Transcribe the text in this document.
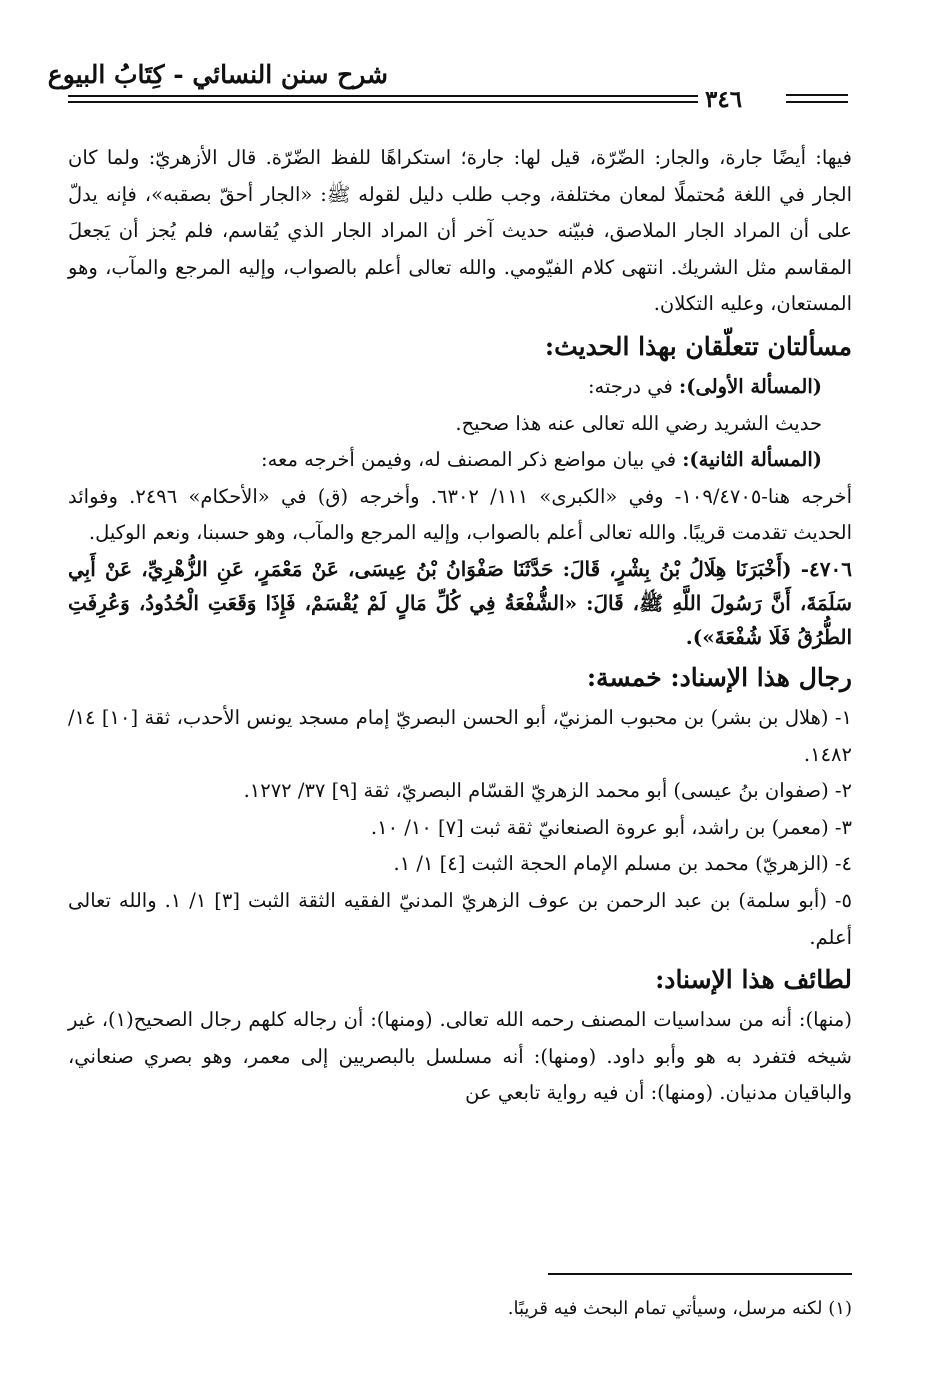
شرح سنن النسائي - كِتَابُ البيوع
٣٤٦

فيها: أيضًا جارة، والجار: الضّرّة، قيل لها: جارة؛ استكراهًا للفظ الضّرّة. قال الأزهريّ: ولما كان الجار في اللغة مُحتملًا لمعان مختلفة، وجب طلب دليل لقوله ﷺ: «الجار أحقّ بصقبه»، فإنه يدلّ على أن المراد الجار الملاصق، فبيّنه حديث آخر أن المراد الجار الذي يُقاسم، فلم يُجز أن يَجعلَ المقاسم مثل الشريك. انتهى كلام الفيّومي. والله تعالى أعلم بالصواب، وإليه المرجع والمآب، وهو المستعان، وعليه التكلان.

مسألتان تتعلّقان بهذا الحديث:

(المسألة الأولى): في درجته:

حديث الشريد رضي الله تعالى عنه هذا صحيح.

(المسألة الثانية): في بيان مواضع ذكر المصنف له، وفيمن أخرجه معه:

أخرجه هنا-١٠٩/٤٧٠٥- وفي «الكبرى» ١١١/ ٦٣٠٢. وأخرجه (ق) في «الأحكام» ٢٤٩٦. وفوائد الحديث تقدمت قريبًا. والله تعالى أعلم بالصواب، وإليه المرجع والمآب، وهو حسبنا، ونعم الوكيل.

٤٧٠٦- (أَخْبَرَنَا هِلَالُ بْنُ بِشْرٍ، قَالَ: حَدَّثَنَا صَفْوَانُ بْنُ عِيسَى، عَنْ مَعْمَرٍ، عَنِ الزُّهْرِيِّ، عَنْ أَبِي سَلَمَةَ، أَنَّ رَسُولَ اللَّهِ ﷺ، قَالَ: «الشُّفْعَةُ فِي كُلِّ مَالٍ لَمْ يُقْسَمْ، فَإِذَا وَقَعَتِ الْحُدُودُ، وَعُرِفَتِ الطُّرُقُ فَلَا شُفْعَةَ»).

رجال هذا الإسناد: خمسة:

١- (هلال بن بشر) بن محبوب المزنيّ، أبو الحسن البصريّ إمام مسجد يونس الأحدب، ثقة [١٠] ١٤/ ١٤٨٢.

٢- (صفوان بنُ عيسى) أبو محمد الزهريّ القسّام البصريّ، ثقة [٩] ٣٧/ ١٢٧٢.

٣- (معمر) بن راشد، أبو عروة الصنعانيّ ثقة ثبت [٧] ١٠/ ١٠.

٤- (الزهريّ) محمد بن مسلم الإمام الحجة الثبت [٤] ١/ ١.

٥- (أبو سلمة) بن عبد الرحمن بن عوف الزهريّ المدنيّ الفقيه الثقة الثبت [٣] ١/ ١. والله تعالى أعلم.

لطائف هذا الإسناد:

(منها): أنه من سداسيات المصنف رحمه الله تعالى. (ومنها): أن رجاله كلهم رجال الصحيح(١)، غير شيخه فتفرد به هو وأبو داود. (ومنها): أنه مسلسل بالبصريين إلى معمر، وهو بصري صنعاني، والباقيان مدنيان. (ومنها): أن فيه رواية تابعي عن

(١) لكنه مرسل، وسيأتي تمام البحث فيه قريبًا.
